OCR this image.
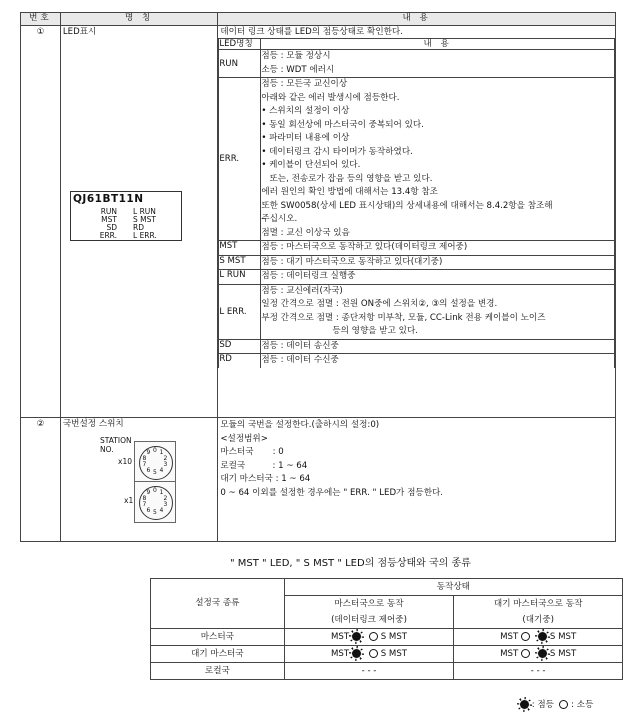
번호	명 칭	내 용
①	LED표시	데이터 링크 상태를 LED의 점등상태로 확인한다.
LED명칭	내 용
RUN	
점등 : 모듈 정상시
소등 : WDT 에러시

ERR.	
점등 : 모든국 교신이상
아래와 같은 에러 발생시에 점등한다.
• 스위치의 설정이 이상
• 동일 회선상에 마스터국이 중복되어 있다.
• 파라미터 내용에 이상
• 데이터링크 감시 타이머가 동작하였다.
• 케이블이 단선되어 있다.
또는, 전송로가 잡음 등의 영향을 받고 있다.
에러 원인의 확인 방법에 대해서는 13.4항 참조
또한 SW0058(상세 LED 표시상태)의 상세내용에 대해서는 8.4.2항을 참조해
주십시오.
점멸 : 교신 이상국 있음

MST	점등 : 마스터국으로 동작하고 있다(데이터링크 제어중)

S MST	점등 : 대기 마스터국으로 동작하고 있다(대기중)

L RUN	점등 : 데이터링크 실행중

L ERR.	
점등 : 교신에러(자국)
일정 간격으로 점멸 : 전원 ON중에 스위치②, ③의 설정을 변경.
부정 간격으로 점멸 : 종단저항 미부착, 모듈, CC-Link 전용 케이블이 노이즈
등의 영향을 받고 있다.

SD	점등 : 데이터 송신중

RD	점등 : 데이터 수신중

②	국번설정 스위치	모듈의 국번을 설정한다.(출하시의 설정:0)
<설정범위>
마스터국       : 0
로컬국          : 1 ~ 64
대기 마스터국 : 1 ~ 64
0 ~ 64 이외를 설정한 경우에는 " ERR. " LED가 점등한다.
QJ61BT11N
RUN
MST
SD
ERR.
L RUN
S MST
RD
L ERR.
STATION
NO.
x10
x1
0 1
2
3
4
5
6
7
8
9
0 1
2
3
4
5
6
7
8
9
" MST " LED, " S MST " LED의 점등상태와 국의 종류
설정국 종류	동작상태	
	마스터국으로 동작	대기 마스터국으로 동작
	(데이터링크 제어중)	(대기중)
마스터국	MST S MST	MST S MST
대기 마스터국	MST S MST	MST S MST
로컬국	- - -	- - -
: 점등 : 소등
